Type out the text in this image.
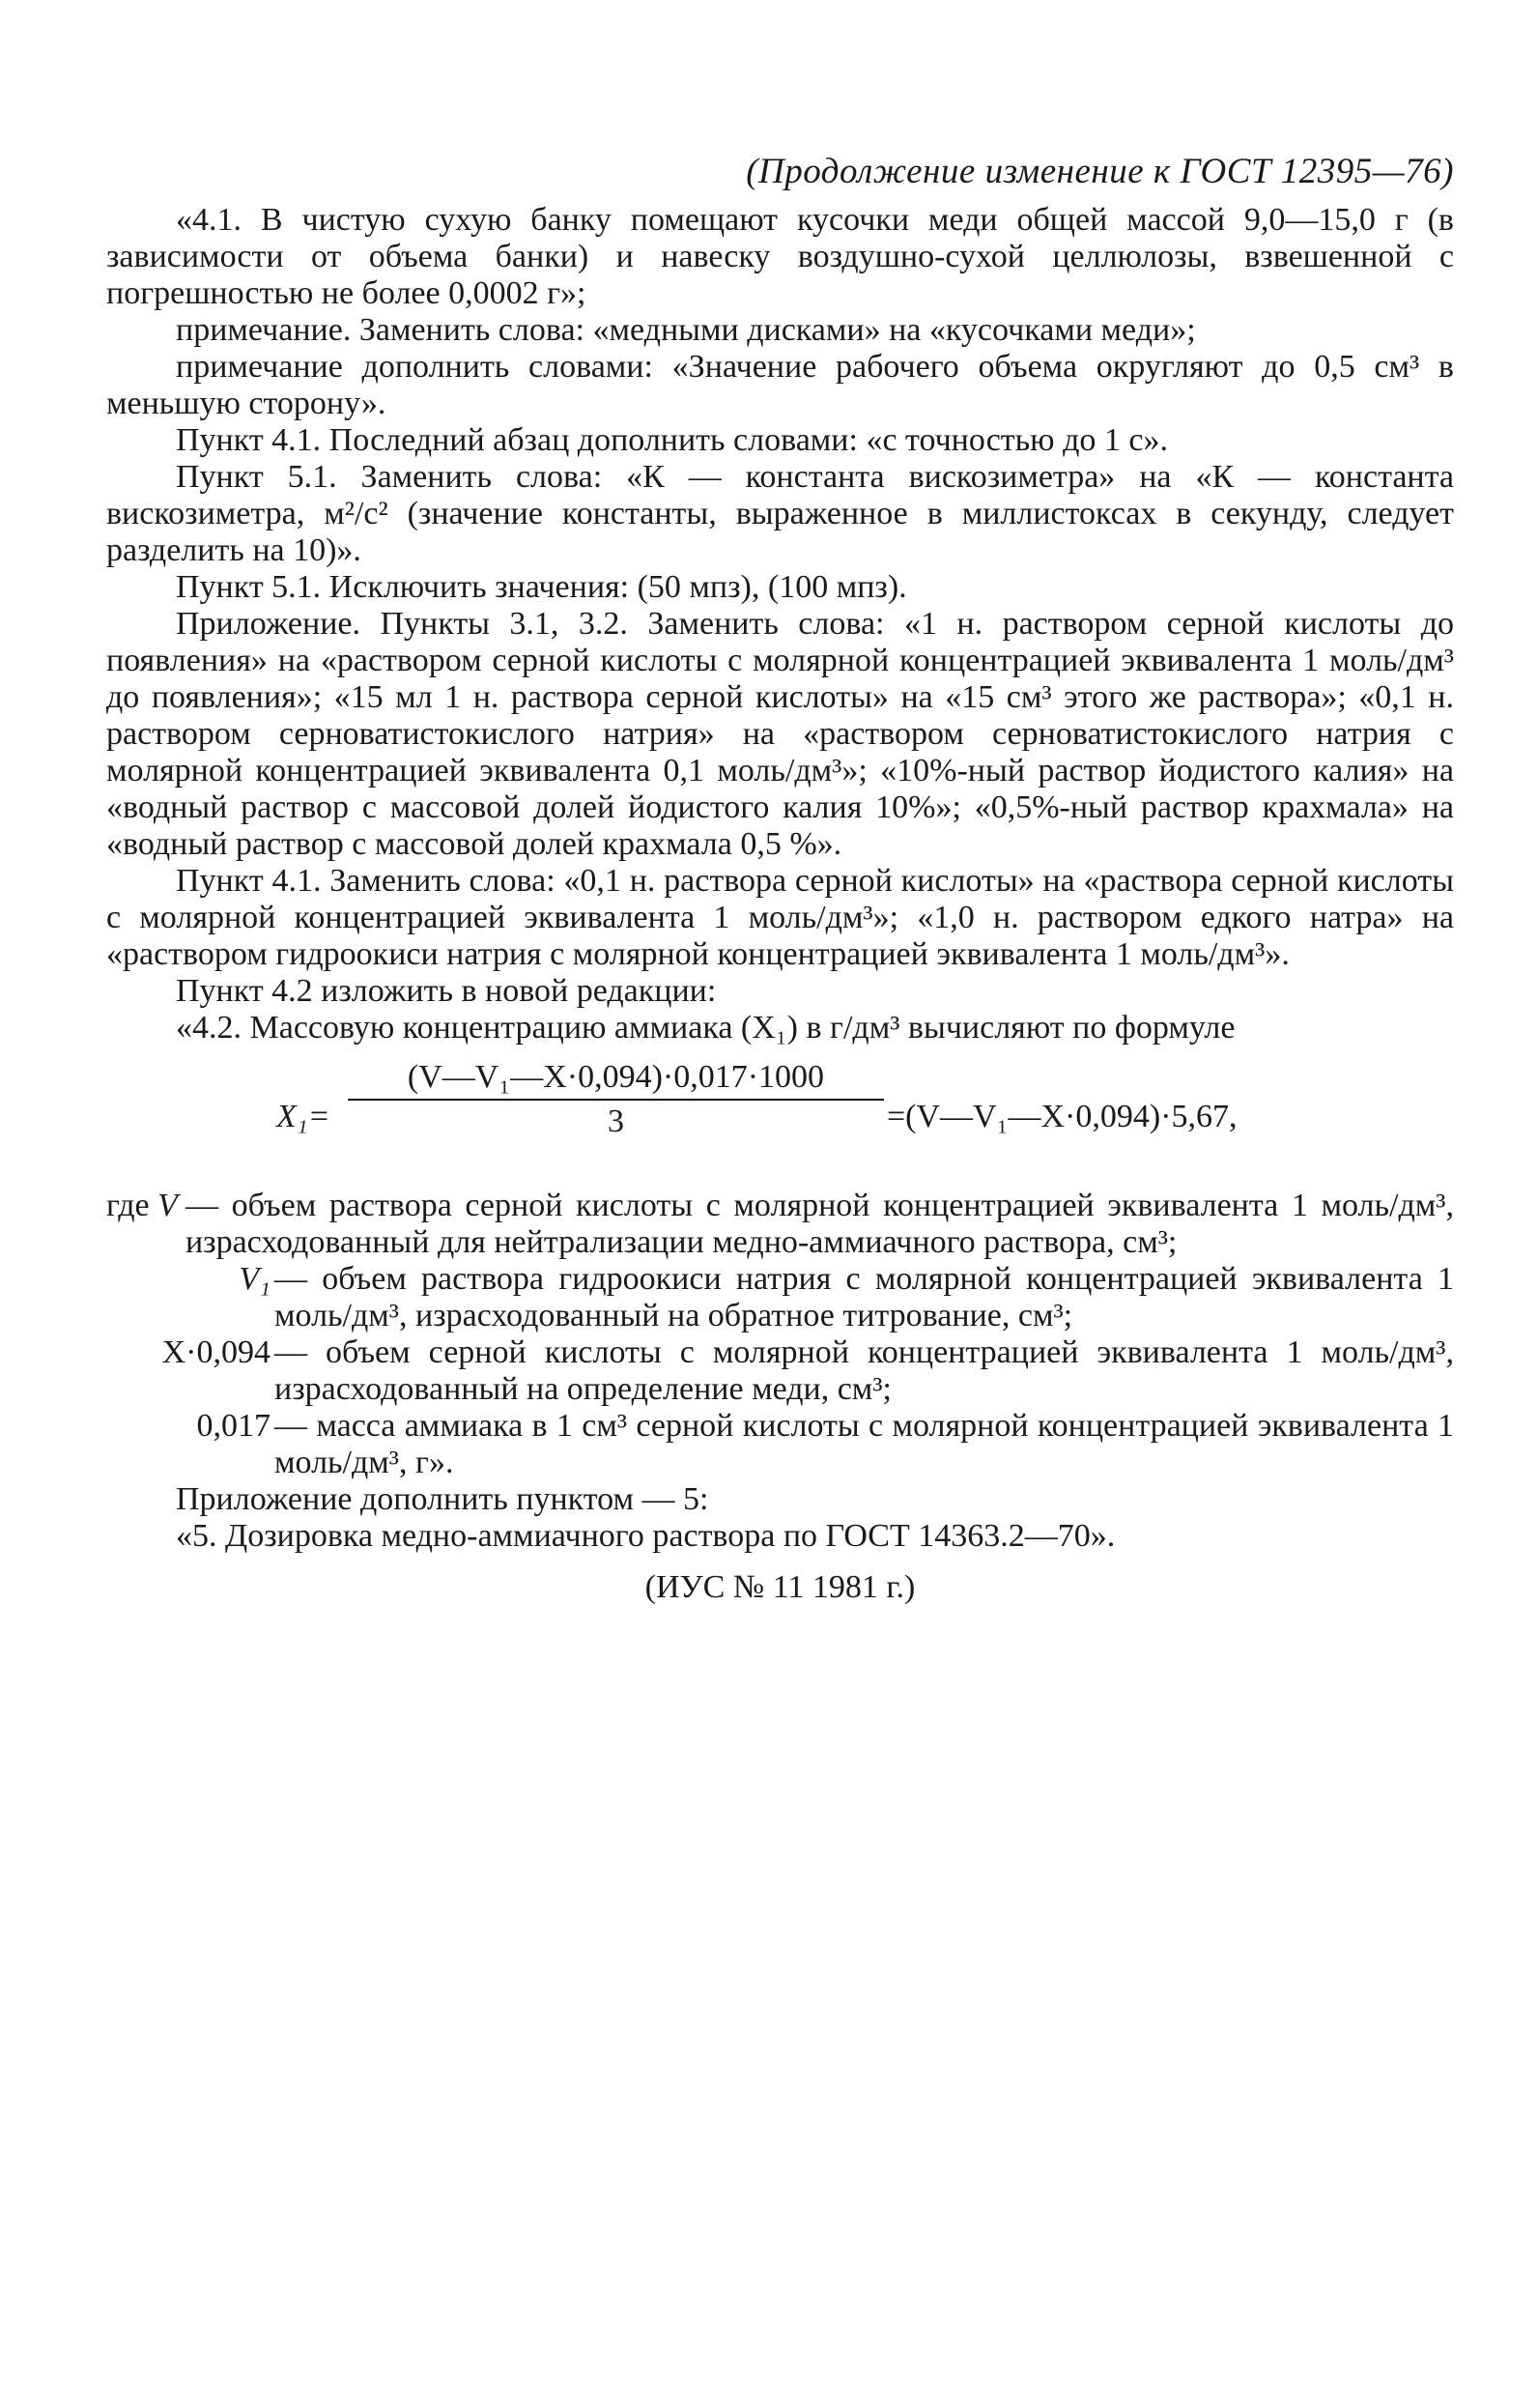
(Продолжение изменение к ГОСТ 12395—76)

«4.1. В чистую сухую банку помещают кусочки меди общей массой 9,0—15,0 г (в зависимости от объема банки) и навеску воздушно-сухой целлюлозы, взвешенной с погрешностью не более 0,0002 г»;

примечание. Заменить слова: «медными дисками» на «кусочками меди»;

примечание дополнить словами: «Значение рабочего объема округляют до 0,5 см³ в меньшую сторону».

Пункт 4.1. Последний абзац дополнить словами: «с точностью до 1 с».

Пункт 5.1. Заменить слова: «К — константа вискозиметра» на «К — константа вискозиметра, м²/с² (значение константы, выраженное в миллистоксах в секунду, следует разделить на 10)».

Пункт 5.1. Исключить значения: (50 мпз), (100 мпз).

Приложение. Пункты 3.1, 3.2. Заменить слова: «1 н. раствором серной кислоты до появления» на «раствором серной кислоты с молярной концентрацией эквивалента 1 моль/дм³ до появления»; «15 мл 1 н. раствора серной кислоты» на «15 см³ этого же раствора»; «0,1 н. раствором серноватистокислого натрия» на «раствором серноватистокислого натрия с молярной концентрацией эквивалента 0,1 моль/дм³»; «10%-ный раствор йодистого калия» на «водный раствор с массовой долей йодистого калия 10%»; «0,5%-ный раствор крахмала» на «водный раствор с массовой долей крахмала 0,5 %».

Пункт 4.1. Заменить слова: «0,1 н. раствора серной кислоты» на «раствора серной кислоты с молярной концентрацией эквивалента 1 моль/дм³»; «1,0 н. раствором едкого натра» на «раствором гидроокиси натрия с молярной концентрацией эквивалента 1 моль/дм³».

Пункт 4.2 изложить в новой редакции:

«4.2. Массовую концентрацию аммиака (X₁) в г/дм³ вычисляют по формуле

X₁=
(V—V₁—X·0,094)·0,017·1000
3	=(V—V₁—X·0,094)·5,67,
где V — объем раствора серной кислоты с молярной концентрацией эквивалента 1 моль/дм³, израсходованный для нейтрализации медно-аммиачного раствора, см³;
V₁ — объем раствора гидроокиси натрия с молярной концентрацией эквивалента 1 моль/дм³, израсходованный на обратное титрование, см³;
X·0,094 — объем серной кислоты с молярной концентрацией эквивалента 1 моль/дм³, израсходованный на определение меди, см³;
0,017 — масса аммиака в 1 см³ серной кислоты с молярной концентрацией эквивалента 1 моль/дм³, г».

Приложение дополнить пунктом — 5:

«5. Дозировка медно-аммиачного раствора по ГОСТ 14363.2—70».

(ИУС № 11 1981 г.)
